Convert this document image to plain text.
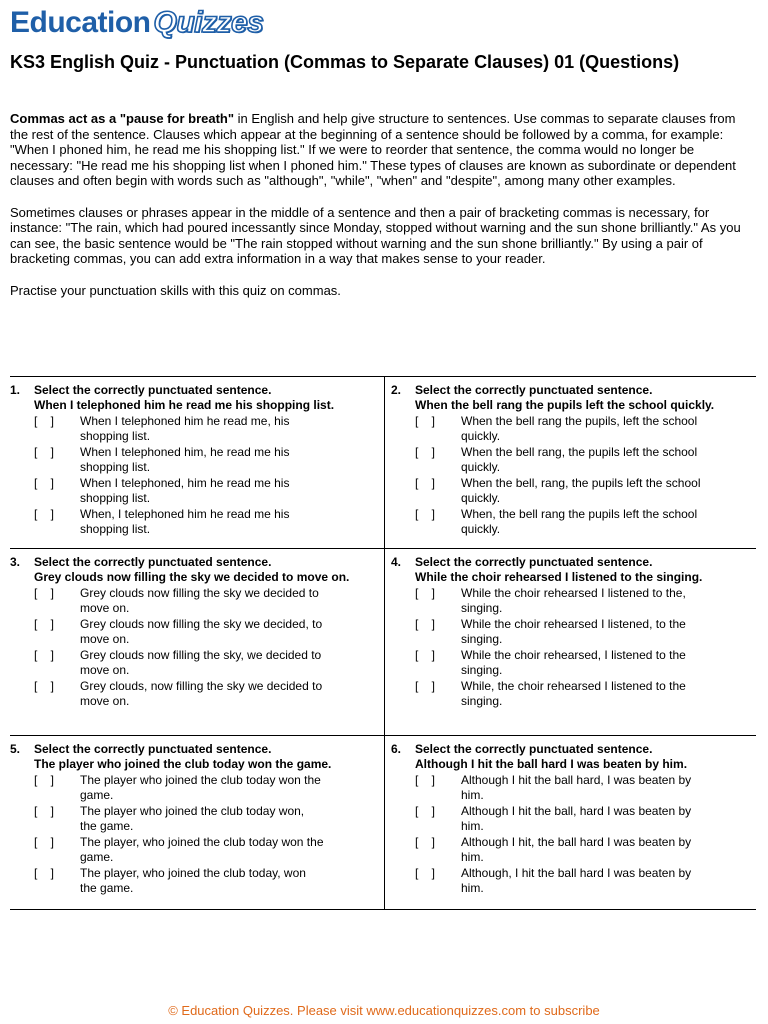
Education Quizzes
KS3 English Quiz - Punctuation (Commas to Separate Clauses) 01 (Questions)

Commas act as a "pause for breath" in English and help give structure to sentences. Use commas to separate clauses from the rest of the sentence. Clauses which appear at the beginning of a sentence should be followed by a comma, for example: "When I phoned him, he read me his shopping list." If we were to reorder that sentence, the comma would no longer be necessary: "He read me his shopping list when I phoned him." These types of clauses are known as subordinate or dependent clauses and often begin with words such as "although", "while", "when" and "despite", among many other examples.

Sometimes clauses or phrases appear in the middle of a sentence and then a pair of bracketing commas is necessary, for instance: "The rain, which had poured incessantly since Monday, stopped without warning and the sun shone brilliantly." As you can see, the basic sentence would be "The rain stopped without warning and the sun shone brilliantly." By using a pair of bracketing commas, you can add extra information in a way that makes sense to your reader.

Practise your punctuation skills with this quiz on commas.

1.	Select the correctly punctuated sentence.
When I telephoned him he read me his shopping list.
[    ]	When I telephoned him he read me, his shopping list.
[    ]	When I telephoned him, he read me his shopping list.
[    ]	When I telephoned, him he read me his shopping list.
[    ]	When, I telephoned him he read me his shopping list.
2.	Select the correctly punctuated sentence.
When the bell rang the pupils left the school quickly.
[    ]	When the bell rang the pupils, left the school quickly.
[    ]	When the bell rang, the pupils left the school quickly.
[    ]	When the bell, rang, the pupils left the school quickly.
[    ]	When, the bell rang the pupils left the school quickly.
3.	Select the correctly punctuated sentence.
Grey clouds now filling the sky we decided to move on.
[    ]	Grey clouds now filling the sky we decided to move on.
[    ]	Grey clouds now filling the sky we decided, to move on.
[    ]	Grey clouds now filling the sky, we decided to move on.
[    ]	Grey clouds, now filling the sky we decided to move on.
4.	Select the correctly punctuated sentence.
While the choir rehearsed I listened to the singing.
[    ]	While the choir rehearsed I listened to the, singing.
[    ]	While the choir rehearsed I listened, to the singing.
[    ]	While the choir rehearsed, I listened to the singing.
[    ]	While, the choir rehearsed I listened to the singing.
5.	Select the correctly punctuated sentence.
The player who joined the club today won the game.
[    ]	The player who joined the club today won the game.
[    ]	The player who joined the club today won, the game.
[    ]	The player, who joined the club today won the game.
[    ]	The player, who joined the club today, won the game.
6.	Select the correctly punctuated sentence.
Although I hit the ball hard I was beaten by him.
[    ]	Although I hit the ball hard, I was beaten by him.
[    ]	Although I hit the ball, hard I was beaten by him.
[    ]	Although I hit, the ball hard I was beaten by him.
[    ]	Although, I hit the ball hard I was beaten by him.
© Education Quizzes. Please visit www.educationquizzes.com to subscribe
